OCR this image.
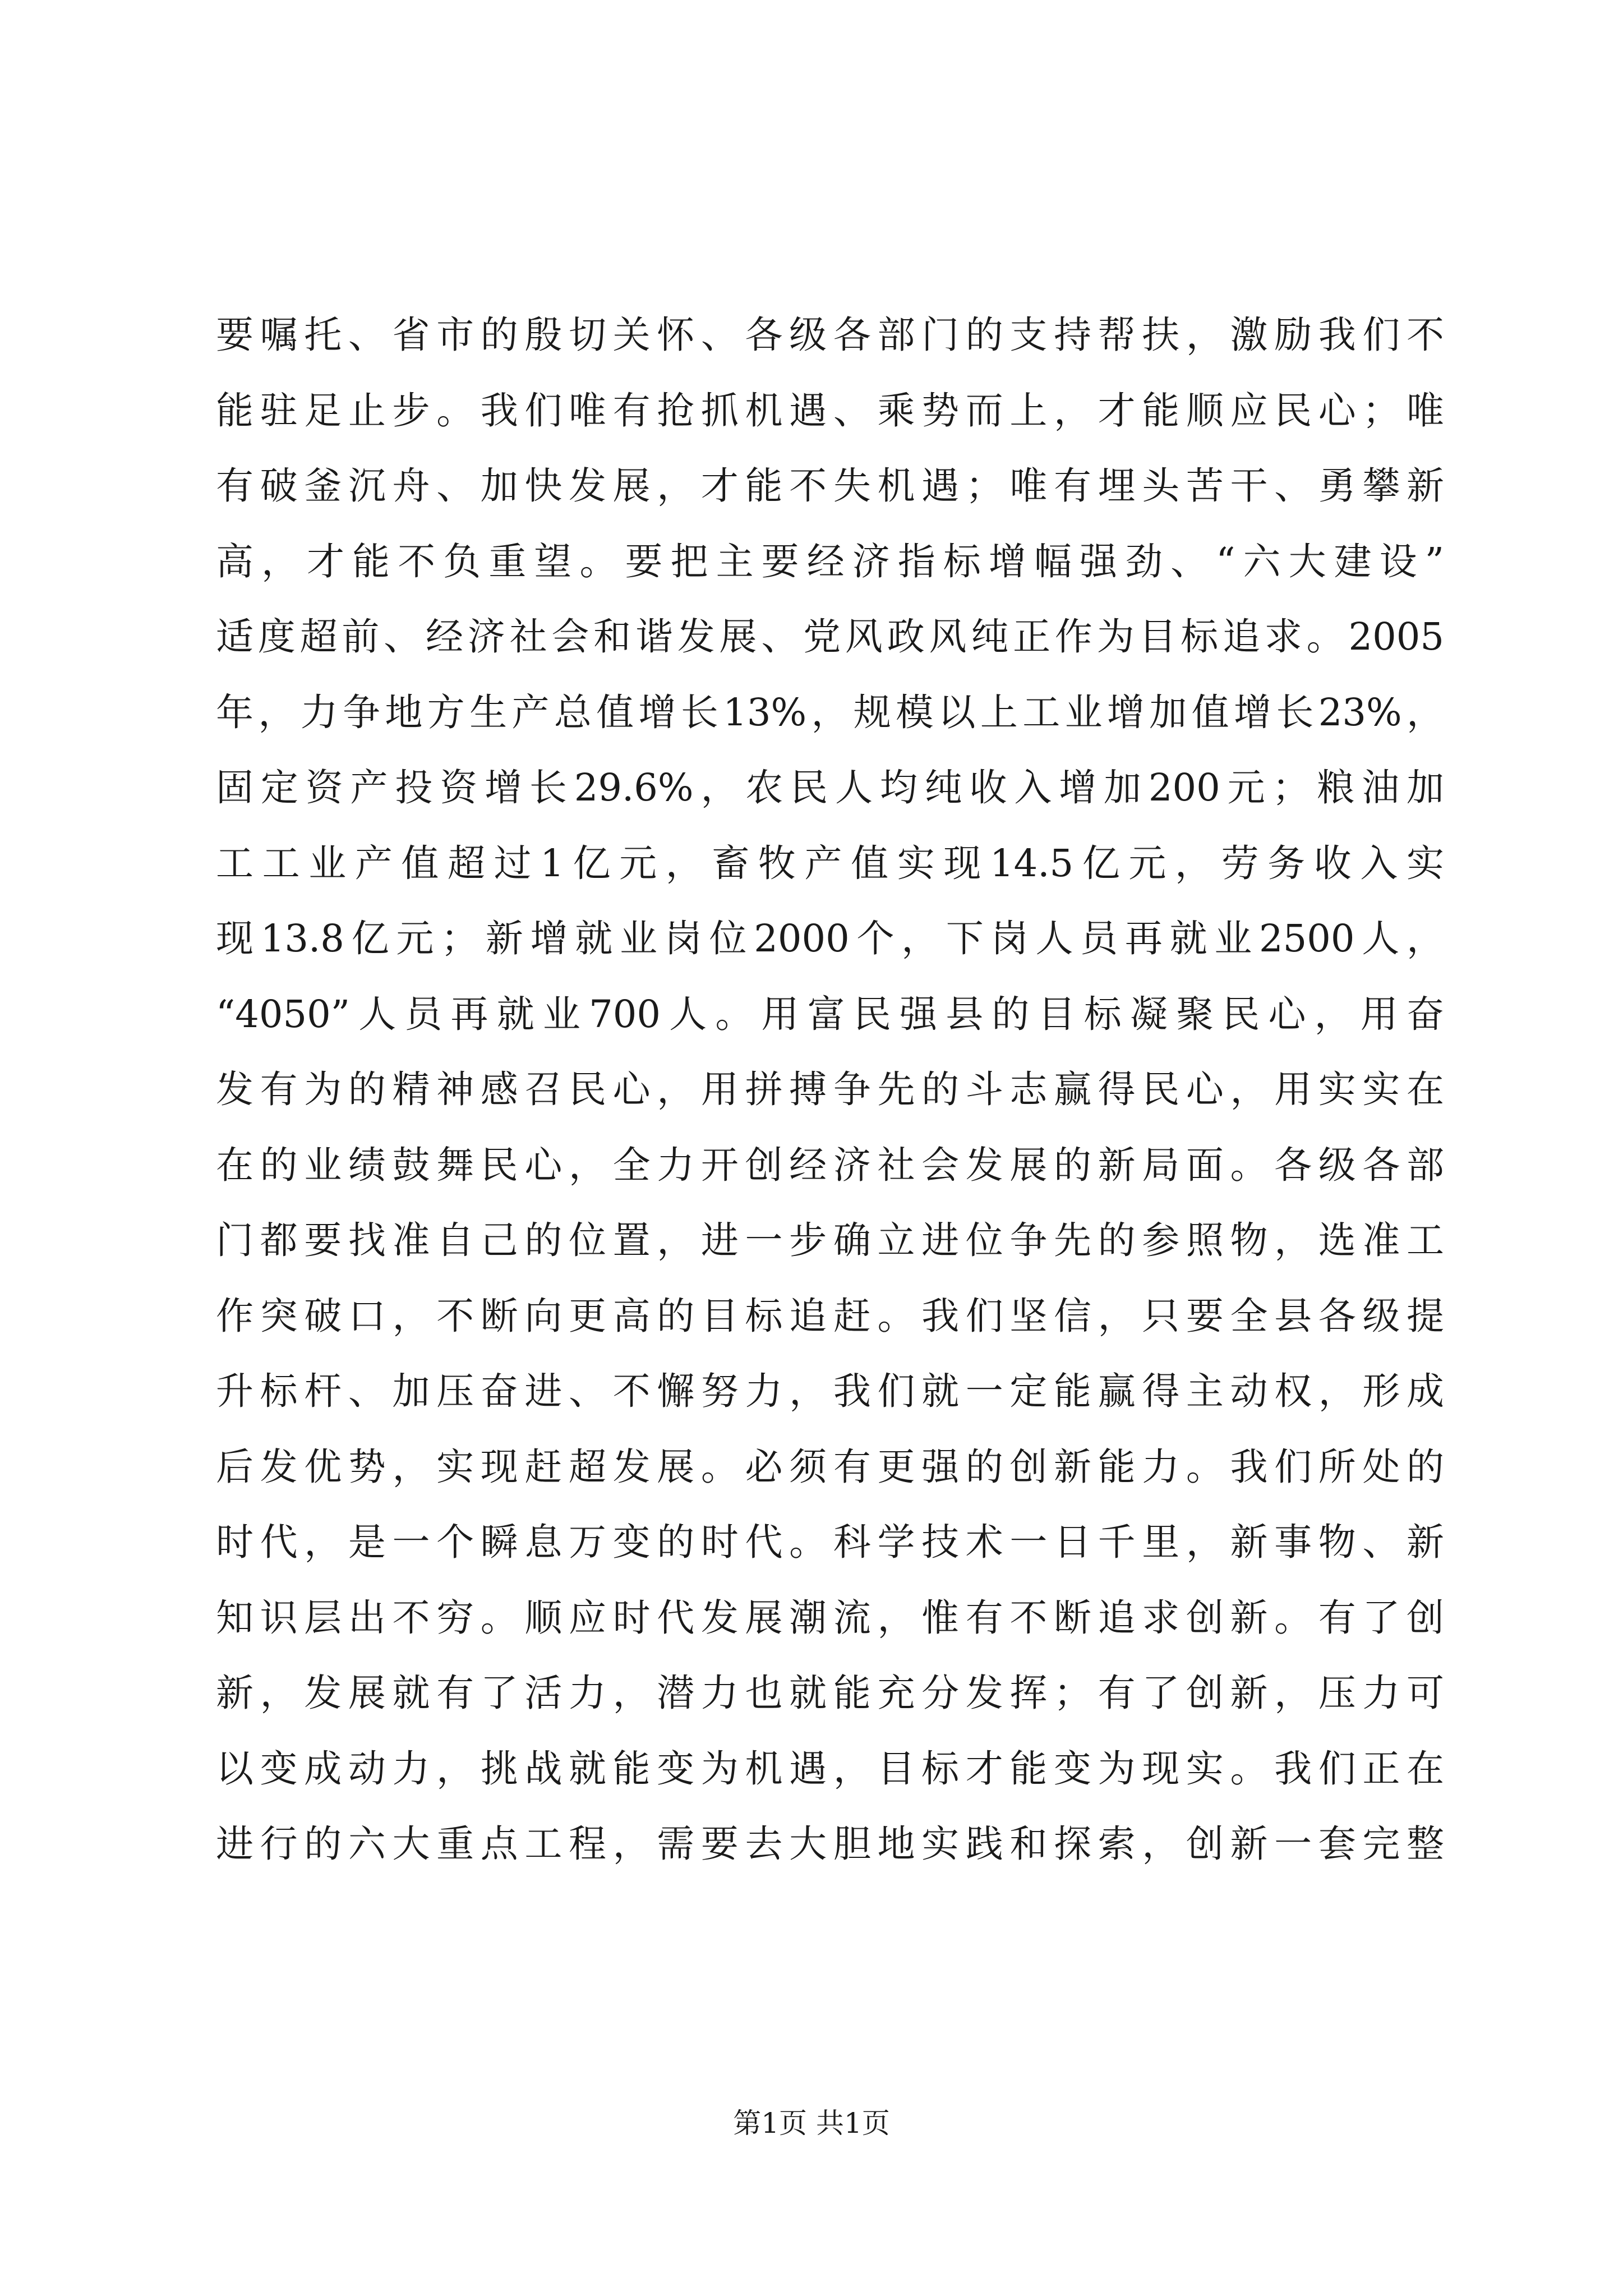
要嘱托、省市的殷切关怀、各级各部门的支持帮扶，激励我们不
能驻足止步。我们唯有抢抓机遇、乘势而上，才能顺应民心；唯
有破釜沉舟、加快发展，才能不失机遇；唯有埋头苦干、勇攀新
高，才能不负重望。要把主要经济指标增幅强劲、“六大建设”
适度超前、经济社会和谐发展、党风政风纯正作为目标追求。2005
年，力争地方生产总值增长13%，规模以上工业增加值增长23%，
固定资产投资增长29.6%，农民人均纯收入增加200元；粮油加
工工业产值超过1亿元，畜牧产值实现14.5亿元，劳务收入实
现13.8亿元；新增就业岗位2000个，下岗人员再就业2500人，
“4050”人员再就业700人。用富民强县的目标凝聚民心，用奋
发有为的精神感召民心，用拼搏争先的斗志赢得民心，用实实在
在的业绩鼓舞民心，全力开创经济社会发展的新局面。各级各部
门都要找准自己的位置，进一步确立进位争先的参照物，选准工
作突破口，不断向更高的目标追赶。我们坚信，只要全县各级提
升标杆、加压奋进、不懈努力，我们就一定能赢得主动权，形成
后发优势，实现赶超发展。必须有更强的创新能力。我们所处的
时代，是一个瞬息万变的时代。科学技术一日千里，新事物、新
知识层出不穷。顺应时代发展潮流，惟有不断追求创新。有了创
新，发展就有了活力，潜力也就能充分发挥；有了创新，压力可
以变成动力，挑战就能变为机遇，目标才能变为现实。我们正在
进行的六大重点工程，需要去大胆地实践和探索，创新一套完整
第1页 共1页
